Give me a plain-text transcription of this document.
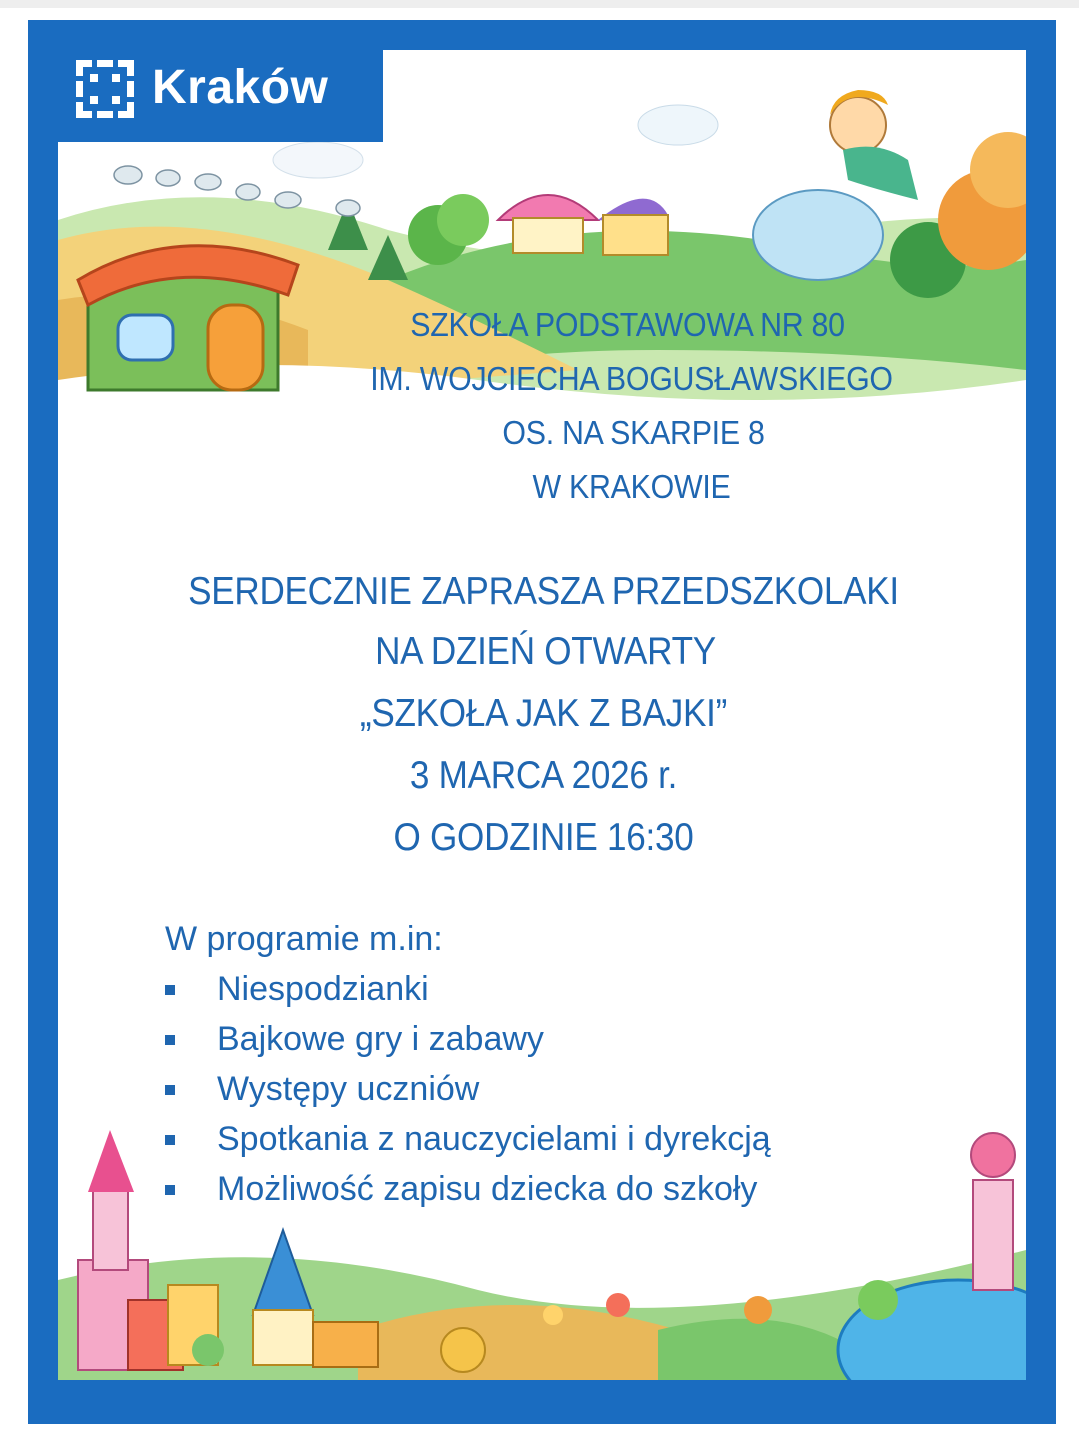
Kraków
SZKOŁA PODSTAWOWA NR 80
IM. WOJCIECHA BOGUSŁAWSKIEGO
OS. NA SKARPIE 8
W KRAKOWIE
SERDECZNIE ZAPRASZA PRZEDSZKOLAKI
NA DZIEŃ OTWARTY
„SZKOŁA JAK Z BAJKI”
3 MARCA 2026 r.
O GODZINIE 16:30
W programie m.in:
Niespodzianki
Bajkowe gry i zabawy
Występy uczniów
Spotkania z nauczycielami i dyrekcją
Możliwość zapisu dziecka do szkoły
